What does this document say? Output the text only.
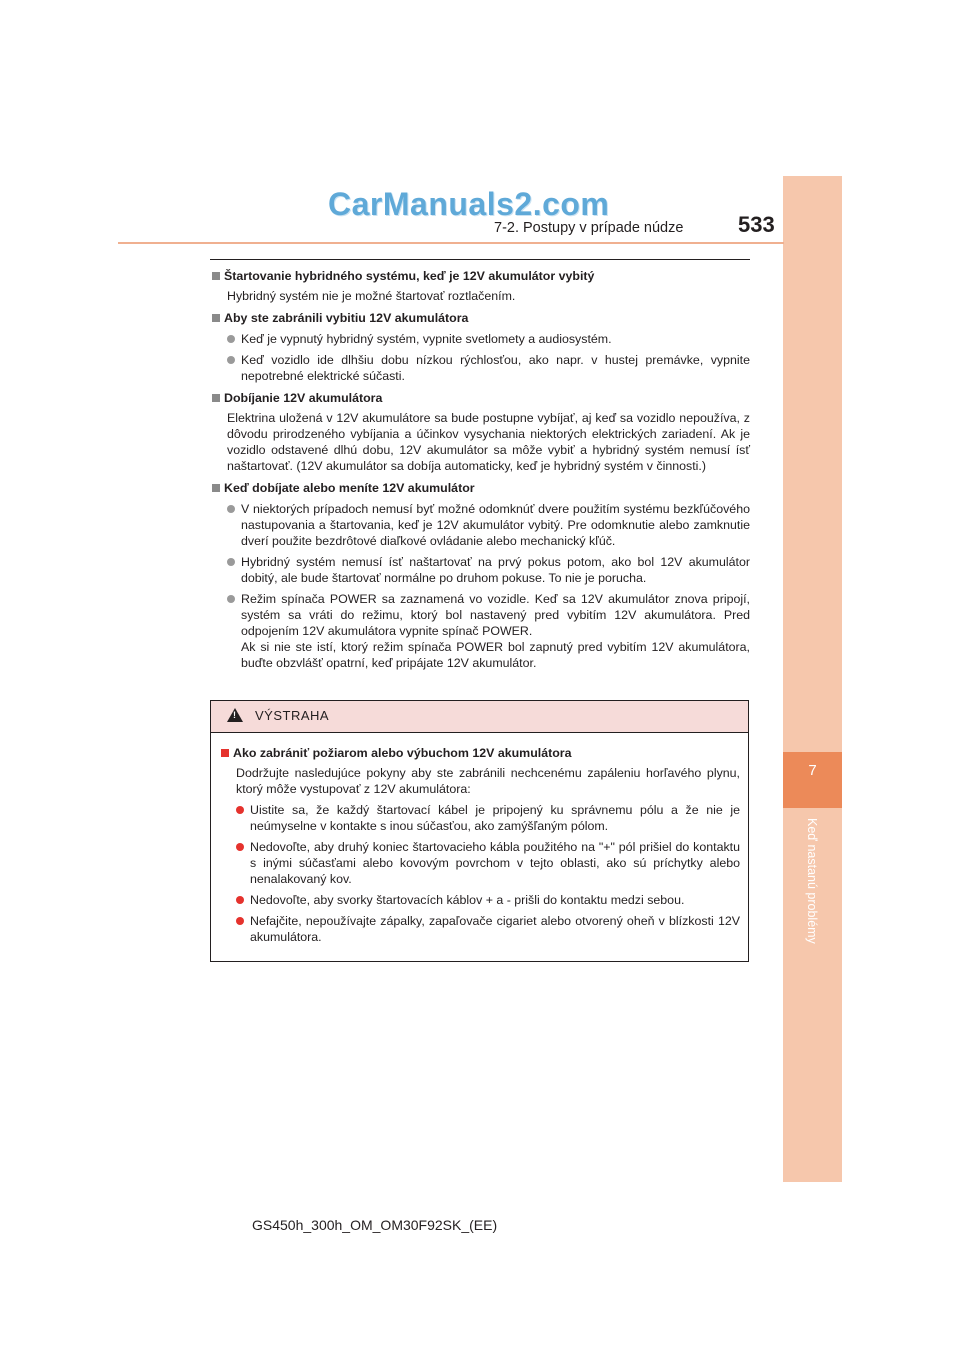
7
Keď nastanú problémy
CarManuals2.com
7-2. Postupy v prípade núdze 533
Štartovanie hybridného systému, keď je 12V akumulátor vybitý
Hybridný systém nie je možné štartovať roztlačením.
Aby ste zabránili vybitiu 12V akumulátora
Keď je vypnutý hybridný systém, vypnite svetlomety a audiosystém.
Keď vozidlo ide dlhšiu dobu nízkou rýchlosťou, ako napr. v hustej premávke, vypnite nepotrebné elektrické súčasti.
Dobíjanie 12V akumulátora
Elektrina uložená v 12V akumulátore sa bude postupne vybíjať, aj keď sa vozidlo nepoužíva, z dôvodu prirodzeného vybíjania a účinkov vysychania niektorých elektrických zariadení. Ak je vozidlo odstavené dlhú dobu, 12V akumulátor sa môže vybiť a hybridný systém nemusí ísť naštartovať. (12V akumulátor sa dobíja automaticky, keď je hybridný systém v činnosti.)
Keď dobíjate alebo meníte 12V akumulátor
V niektorých prípadoch nemusí byť možné odomknúť dvere použitím systému bezkľúčového nastupovania a štartovania, keď je 12V akumulátor vybitý. Pre odomknutie alebo zamknutie dverí použite bezdrôtové diaľkové ovládanie alebo mechanický kľúč.
Hybridný systém nemusí ísť naštartovať na prvý pokus potom, ako bol 12V akumulátor dobitý, ale bude štartovať normálne po druhom pokuse. To nie je porucha.
Režim spínača POWER sa zaznamená vo vozidle. Keď sa 12V akumulátor znova pripojí, systém sa vráti do režimu, ktorý bol nastavený pred vybitím 12V akumulátora. Pred odpojením 12V akumulátora vypnite spínač POWER.
Ak si nie ste istí, ktorý režim spínača POWER bol zapnutý pred vybitím 12V akumulátora, buďte obzvlášť opatrní, keď pripájate 12V akumulátor.
!
VÝSTRAHA
Ako zabrániť požiarom alebo výbuchom 12V akumulátora
Dodržujte nasledujúce pokyny aby ste zabránili nechcenému zapáleniu horľavého plynu, ktorý môže vystupovať z 12V akumulátora:
Uistite sa, že každý štartovací kábel je pripojený ku správnemu pólu a že nie je neúmyselne v kontakte s inou súčasťou, ako zamýšľaným pólom.
Nedovoľte, aby druhý koniec štartovacieho kábla použitého na "+" pól prišiel do kontaktu s inými súčasťami alebo kovovým povrchom v tejto oblasti, ako sú príchytky alebo nenalakovaný kov.
Nedovoľte, aby svorky štartovacích káblov + a - prišli do kontaktu medzi sebou.
Nefajčite, nepoužívajte zápalky, zapaľovače cigariet alebo otvorený oheň v blízkosti 12V akumulátora.
GS450h_300h_OM_OM30F92SK_(EE)
